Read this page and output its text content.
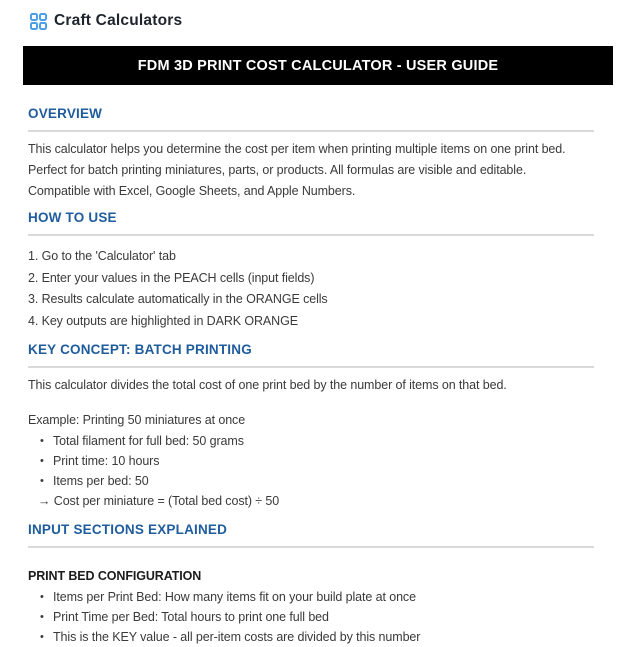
Craft Calculators
FDM 3D PRINT COST CALCULATOR - USER GUIDE
OVERVIEW
This calculator helps you determine the cost per item when printing multiple items on one print bed.
Perfect for batch printing miniatures, parts, or products. All formulas are visible and editable.
Compatible with Excel, Google Sheets, and Apple Numbers.
HOW TO USE
1. Go to the 'Calculator' tab
2. Enter your values in the PEACH cells (input fields)
3. Results calculate automatically in the ORANGE cells
4. Key outputs are highlighted in DARK ORANGE
KEY CONCEPT: BATCH PRINTING
This calculator divides the total cost of one print bed by the number of items on that bed.
Example: Printing 50 miniatures at once
• Total filament for full bed: 50 grams
• Print time: 10 hours
• Items per bed: 50
→ Cost per miniature = (Total bed cost) ÷ 50
INPUT SECTIONS EXPLAINED
PRINT BED CONFIGURATION
• Items per Print Bed: How many items fit on your build plate at once
• Print Time per Bed: Total hours to print one full bed
• This is the KEY value - all per-item costs are divided by this number
